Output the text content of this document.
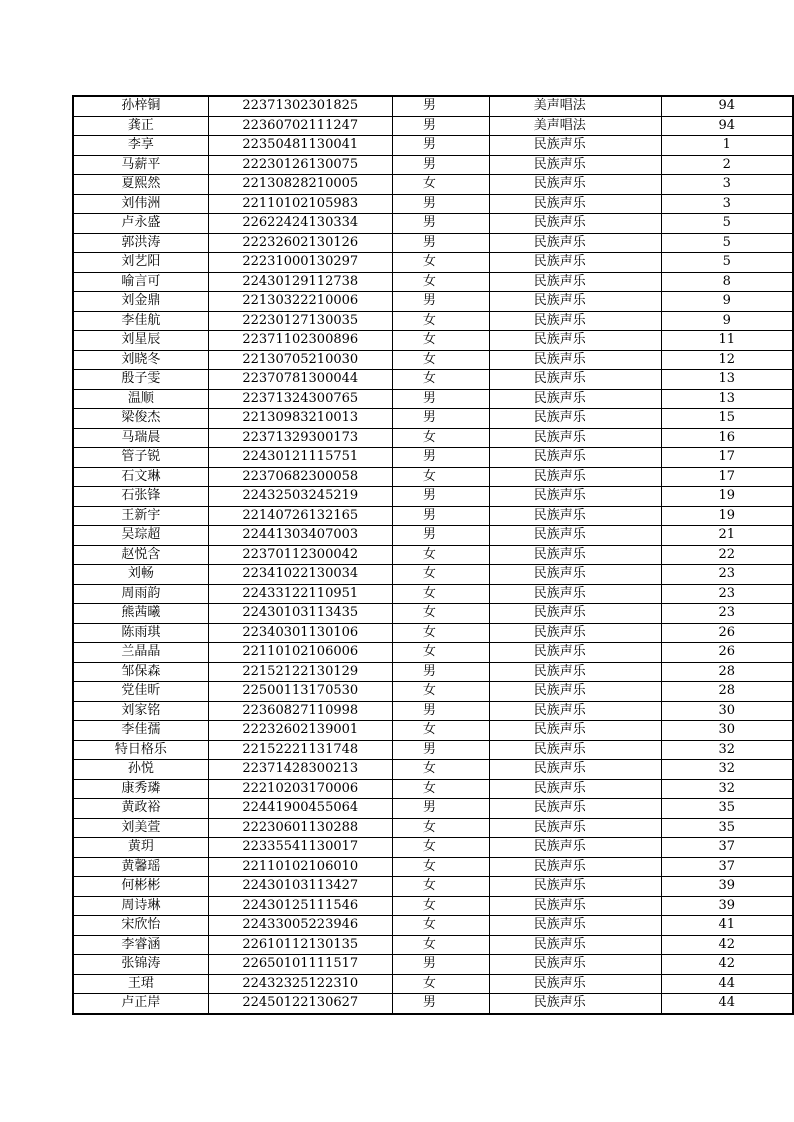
孙梓铜	22371302301825	男	美声唱法	94
龚正	22360702111247	男	美声唱法	94
李享	22350481130041	男	民族声乐	1
马薪平	22230126130075	男	民族声乐	2
夏熙然	22130828210005	女	民族声乐	3
刘伟洲	22110102105983	男	民族声乐	3
卢永盛	22622424130334	男	民族声乐	5
郭洪涛	22232602130126	男	民族声乐	5
刘艺阳	22231000130297	女	民族声乐	5
喻言可	22430129112738	女	民族声乐	8
刘金鼎	22130322210006	男	民族声乐	9
李佳航	22230127130035	女	民族声乐	9
刘星辰	22371102300896	女	民族声乐	11
刘晓冬	22130705210030	女	民族声乐	12
殷子雯	22370781300044	女	民族声乐	13
温顺	22371324300765	男	民族声乐	13
梁俊杰	22130983210013	男	民族声乐	15
马瑞晨	22371329300173	女	民族声乐	16
管子锐	22430121115751	男	民族声乐	17
石文琳	22370682300058	女	民族声乐	17
石张锋	22432503245219	男	民族声乐	19
王新宇	22140726132165	男	民族声乐	19
吴琮超	22441303407003	男	民族声乐	21
赵悦含	22370112300042	女	民族声乐	22
刘畅	22341022130034	女	民族声乐	23
周雨韵	22433122110951	女	民族声乐	23
熊茜曦	22430103113435	女	民族声乐	23
陈雨琪	22340301130106	女	民族声乐	26
兰晶晶	22110102106006	女	民族声乐	26
邹保森	22152122130129	男	民族声乐	28
党佳昕	22500113170530	女	民族声乐	28
刘家铭	22360827110998	男	民族声乐	30
李佳孺	22232602139001	女	民族声乐	30
特日格乐	22152221131748	男	民族声乐	32
孙悦	22371428300213	女	民族声乐	32
康秀璘	22210203170006	女	民族声乐	32
黄政裕	22441900455064	男	民族声乐	35
刘美萱	22230601130288	女	民族声乐	35
黄玥	22335541130017	女	民族声乐	37
黄馨瑶	22110102106010	女	民族声乐	37
何彬彬	22430103113427	女	民族声乐	39
周诗琳	22430125111546	女	民族声乐	39
宋欣怡	22433005223946	女	民族声乐	41
李睿涵	22610112130135	女	民族声乐	42
张锦涛	22650101111517	男	民族声乐	42
王珺	22432325122310	女	民族声乐	44
卢正岸	22450122130627	男	民族声乐	44
